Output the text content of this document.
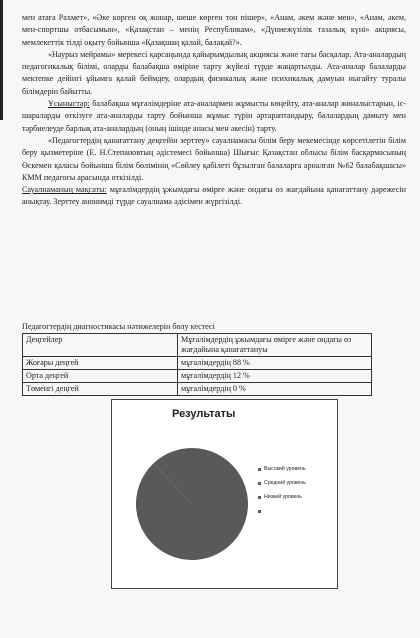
мен атаға Рахмет», «Әке көрген оқ жонар, шеше көрген тон пішер», «Анам, әкем және мен», «Анам, әкем, мен-спортшы отбасымын», «Қазақстан – менің Республикам», «Дүниежүзілік тазалық күні» акциясы, мемлекеттік тілді оқыту бойынша «Қазақшаң қалай, балақай?».

«Наурыз мейрамы» мерекесі қарсаңында қайырымдылық акциясы және тағы басқалар. Ата-аналардың педагогикалық білімі, оларды балабақша өміріне тарту жүйелі түрде жаңартылды. Ата-аналар балаларды мектепке дейінгі ұйымға қалай беймдеу, олардың физикалық және психикалық дамуын ныгайту туралы білімдерін байытты.

Ұсыныстар: балабақша мұғалімдеріне ата-аналармен жұмысты көңейту, ата-аналар жиналыстарын, іс-шараларды өткізуге ата-аналарды тарту бойынша жұмыс түрін әртараптандыру, балалардың дамыту мен тәрбиелеуде барлық ата-аналардың (оның ішінде анасы мен әкесін) тарту.

«Педагогтердің қанағаттану деңгейін зерттеу» сауалнамасы білім беру мекемесінде көрсетілетін білім беру қызметеріне (Е. Н.Степановтың әдістемесі бойынша) Шығыс Қазақстан облысы білім басқармасының Өскемен қаласы бойынша білім бөлімінің «Сөйлеу қабілеті бұзылған балаларға арналған №62 балабақшасы» КММ педагогы арасында өткізілді.

Сауалнаманың мақсаты: мұғалімдердің ұжымдағы өмірге және ондағы өз жағдайына қанағаттану дәрежесін анықтау. Зерттеу анонимді түрде сауалнама әдісімен жүргізілді.

Педагогтердің диагностикасы нәтижелерін бөлу кестесі
Деңгейлер	Мұғалімдердің ұжымдағы өмірге және ондағы өз жағдайына қанағаттануы
Жоғары деңгей	мұғалімдердің 88 %
Орта деңгей	мұғалімдердің 12 %
Төменгі деңгей	мұғалімдердің 0 %
Результаты
Высокий уровень
Средний уровень
Низкий уровень
